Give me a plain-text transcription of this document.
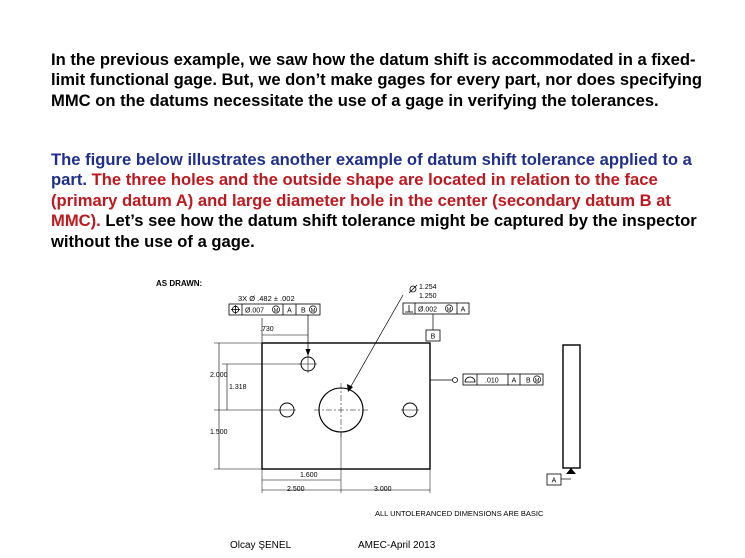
In the previous example, we saw how the datum shift is accommodated in a fixed-limit functional gage. But, we don’t make gages for every part, nor does specifying MMC on the datums necessitate the use of a gage in verifying the tolerances.

The figure below illustrates another example of datum shift tolerance applied to a part. The three holes and the outside shape are located in relation to the face (primary datum A) and large diameter hole in the center (secondary datum B at MMC). Let’s see how the datum shift tolerance might be captured by the inspector without the use of a gage.

AS DRAWN:
3X Ø .482 ± .002
Ø.007 M A B M
.730
1.254
1.250
Ø.002 M A
B
.010 A B M
A
2.000
1.318
1.500
1.600
2.500	3.000
ALL UNTOLERANCED DIMENSIONS ARE BASIC
Olcay ŞENEL	AMEC-April 2013
